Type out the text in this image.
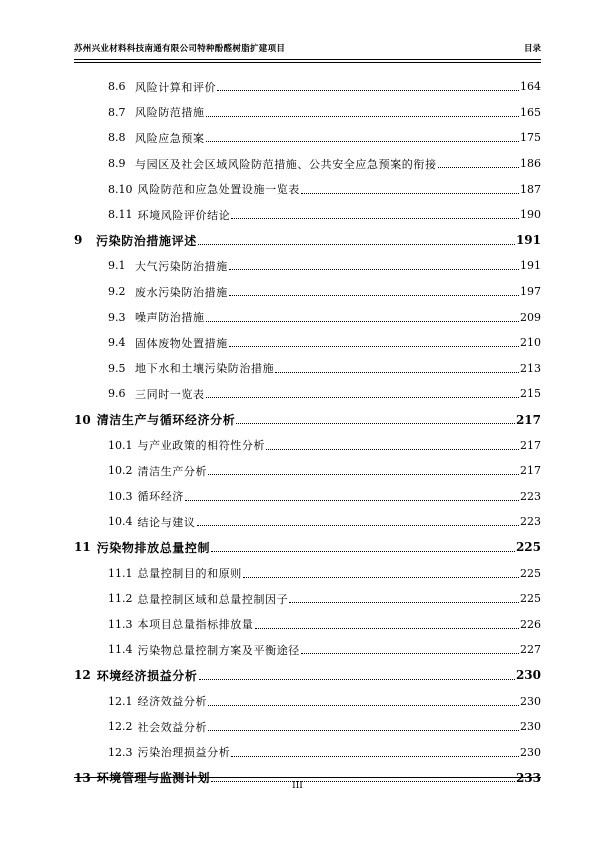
苏州兴业材料科技南通有限公司特种酚醛树脂扩建项目	目录
8.6 风险计算和评价	164
8.7 风险防范措施	165
8.8 风险应急预案	175
8.9 与园区及社会区域风险防范措施、公共安全应急预案的衔接	186
8.10 风险防范和应急处置设施一览表	187
8.11 环境风险评价结论	190
9	污染防治措施评述	191
9.1 大气污染防治措施	191
9.2 废水污染防治措施	197
9.3 噪声防治措施	209
9.4 固体废物处置措施	210
9.5 地下水和土壤污染防治措施	213
9.6 三同时一览表	215
10 清洁生产与循环经济分析	217
10.1 与产业政策的相符性分析	217
10.2 清洁生产分析	217
10.3 循环经济	223
10.4 结论与建议	223
11 污染物排放总量控制	225
11.1 总量控制目的和原则	225
11.2 总量控制区域和总量控制因子	225
11.3 本项目总量指标排放量	226
11.4 污染物总量控制方案及平衡途径	227
12 环境经济损益分析	230
12.1 经济效益分析	230
12.2 社会效益分析	230
12.3 污染治理损益分析	230
13 环境管理与监测计划	233
III
